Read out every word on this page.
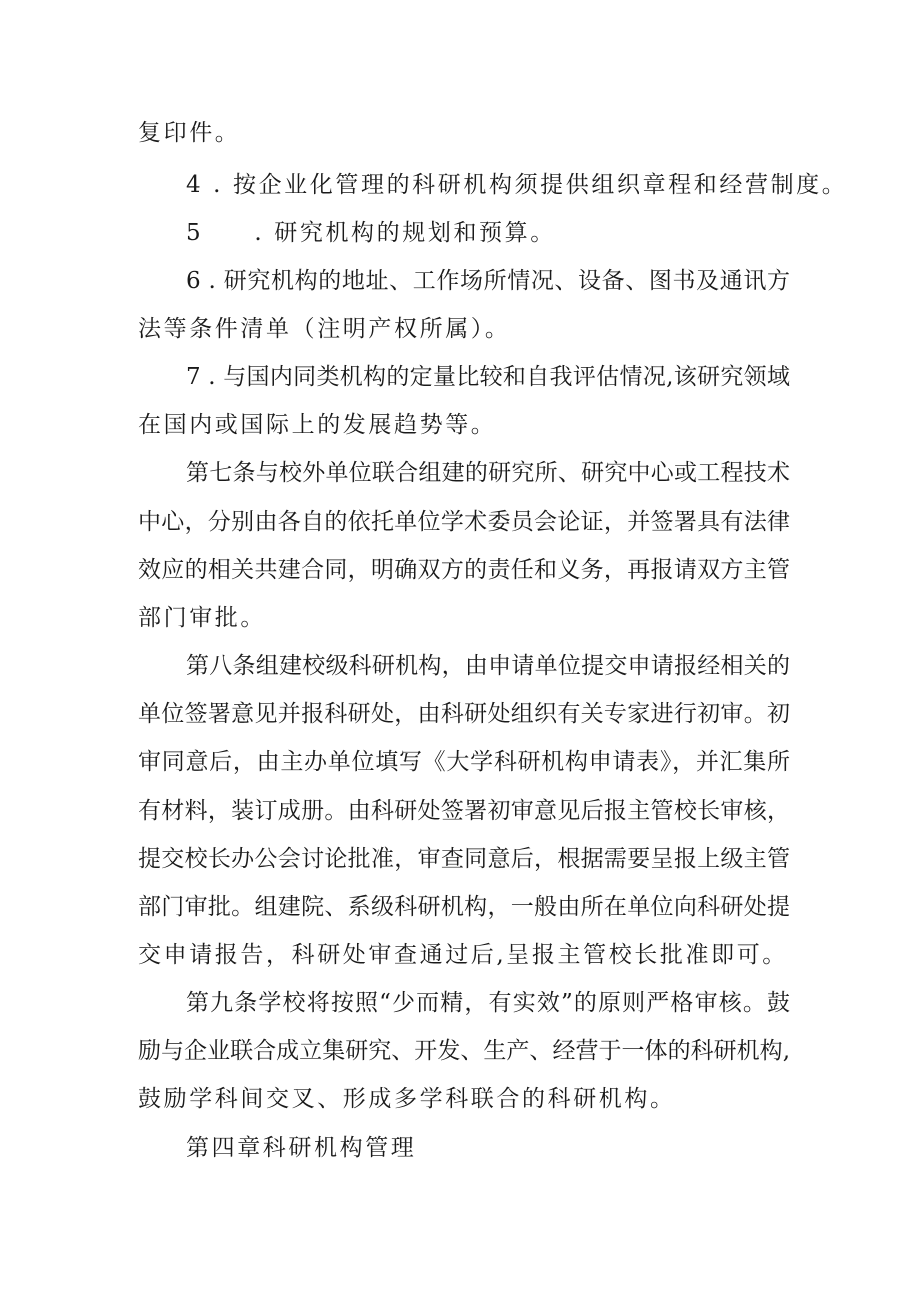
复印件。
4 . 按企业化管理的科研机构须提供组织章程和经营制度。
5　　. 研究机构的规划和预算。
6 . 研究机构的地址、工作场所情况、设备、图书及通讯方
法等条件清单（注明产权所属）。
7 . 与国内同类机构的定量比较和自我评估情况,该研究领域
在国内或国际上的发展趋势等。
第七条与校外单位联合组建的研究所、研究中心或工程技术
中心，分别由各自的依托单位学术委员会论证，并签署具有法律
效应的相关共建合同，明确双方的责任和义务，再报请双方主管
部门审批。
第八条组建校级科研机构，由申请单位提交申请报经相关的
单位签署意见并报科研处，由科研处组织有关专家进行初审。初
审同意后，由主办单位填写《大学科研机构申请表》，并汇集所
有材料，装订成册。由科研处签署初审意见后报主管校长审核，
提交校长办公会讨论批准，审查同意后，根据需要呈报上级主管
部门审批。组建院、系级科研机构，一般由所在单位向科研处提
交申请报告，科研处审查通过后,呈报主管校长批准即可。
第九条学校将按照“少而精，有实效”的原则严格审核。鼓
励与企业联合成立集研究、开发、生产、经营于一体的科研机构,
鼓励学科间交叉、形成多学科联合的科研机构。
第四章科研机构管理
